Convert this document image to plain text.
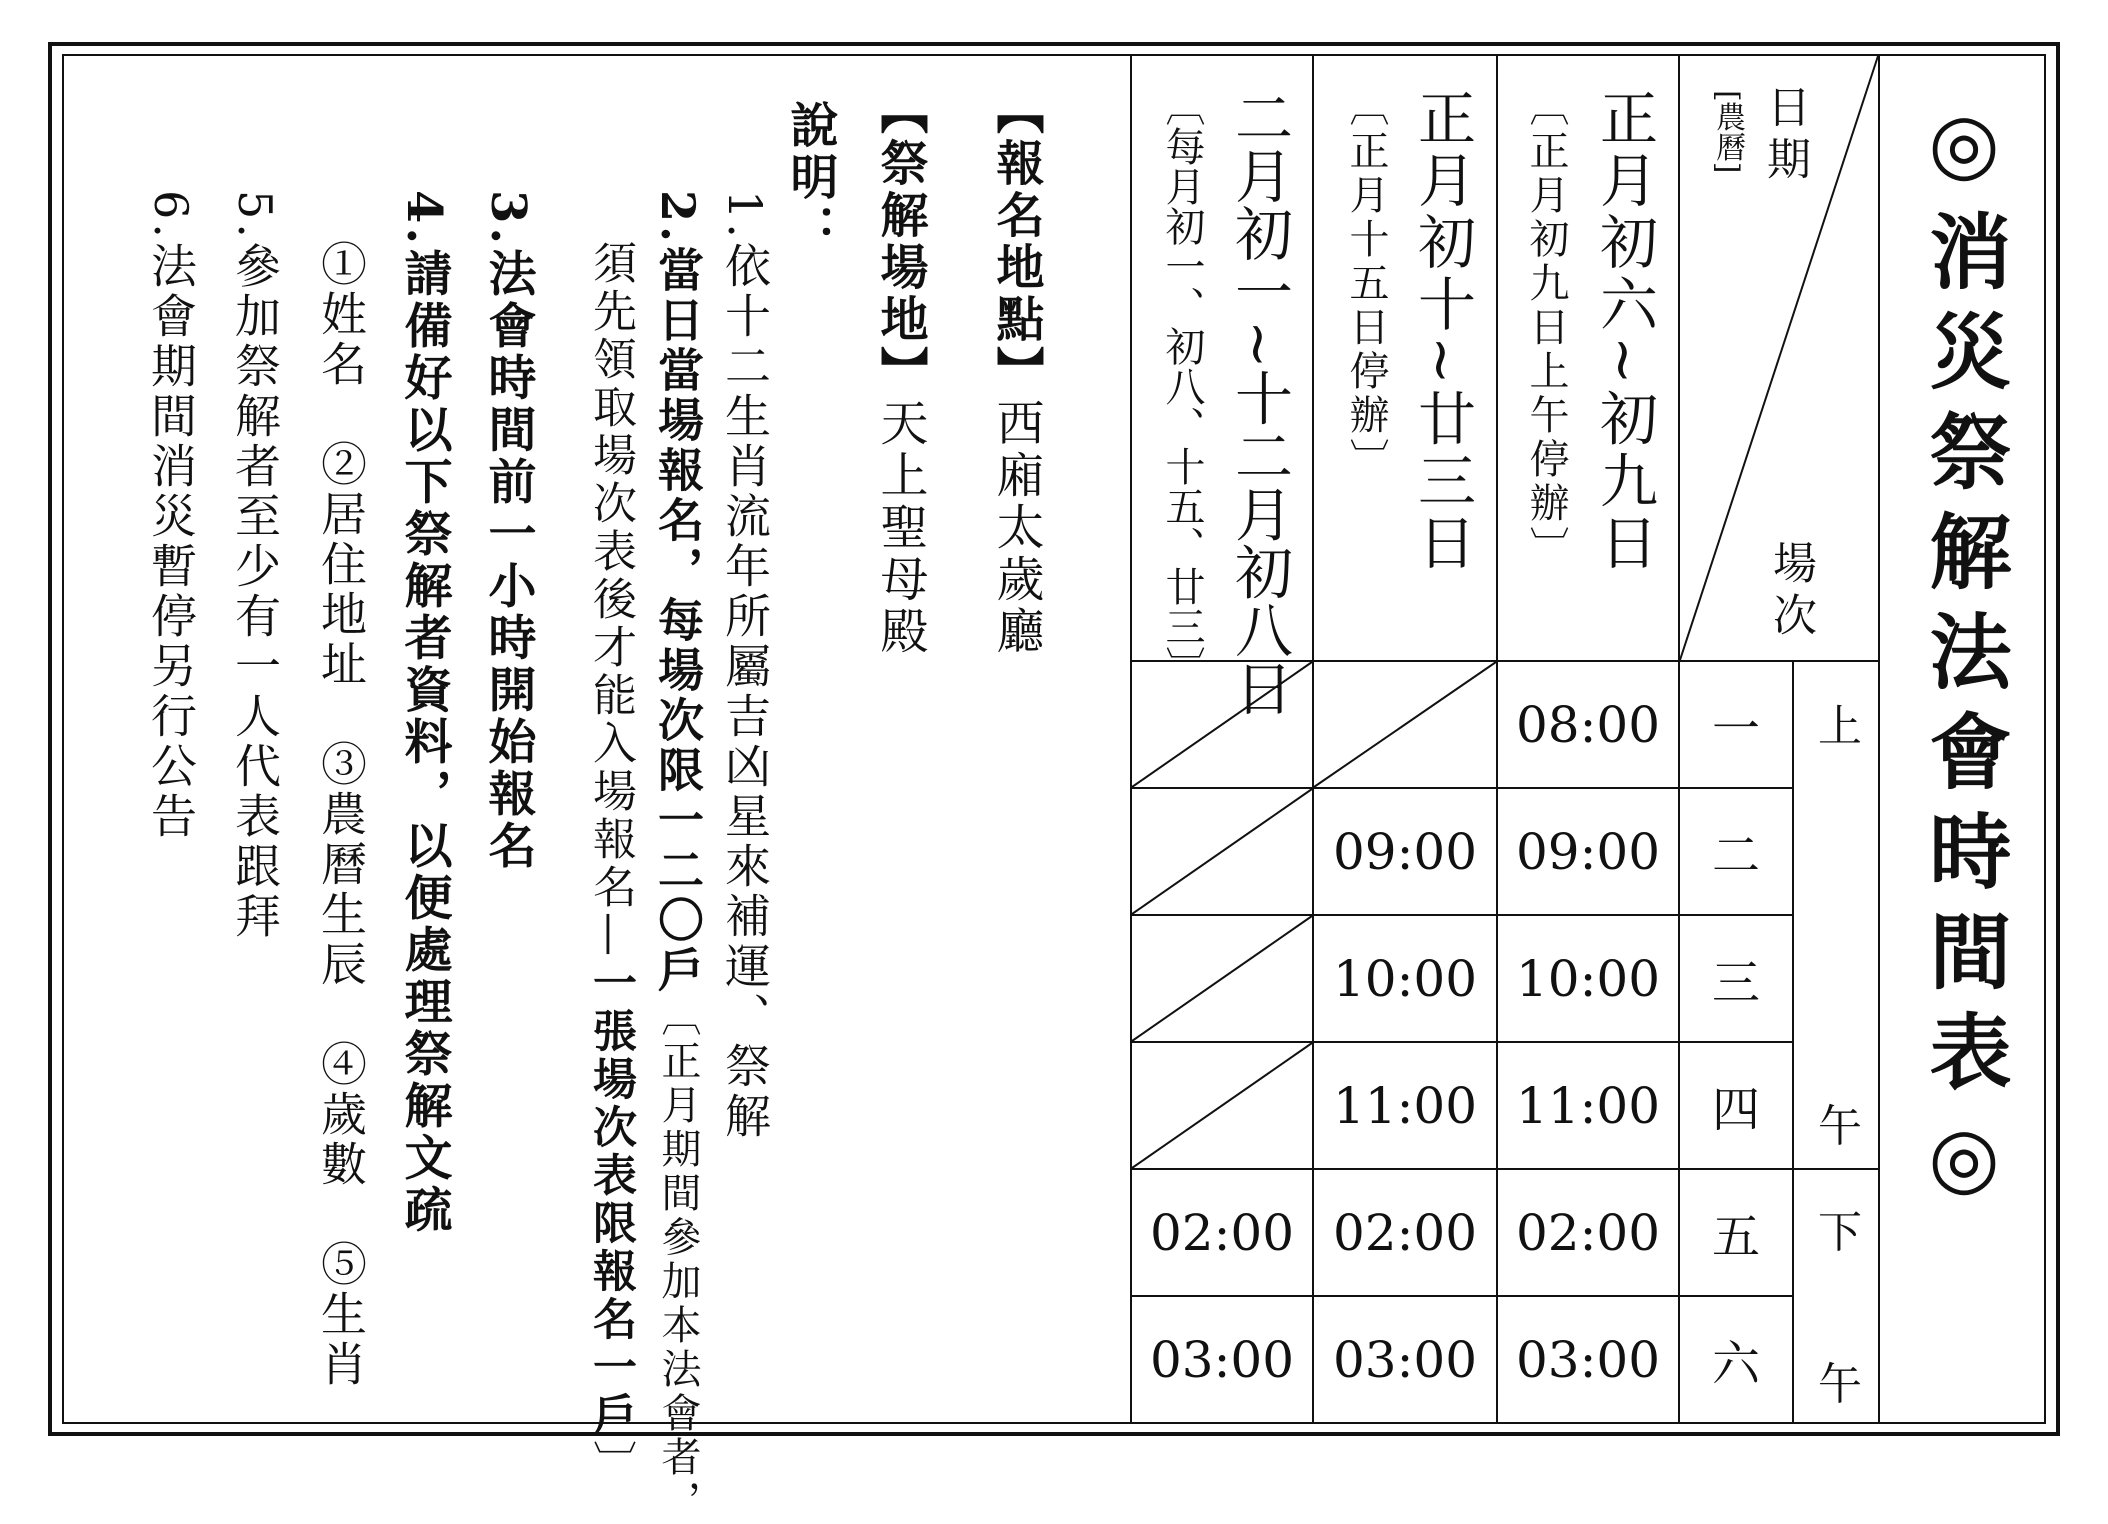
◎消災祭解法會時間表◎
日期
[農曆]
場次
正月初六~初九日
〔正月初九日上午停辦〕
正月初十~廿三日
〔正月十五日停辦〕
二月初一~十二月初八日
〔每月初一、初八、十五、廿三〕
上
午
下
午
一
08:00
二
09:00
09:00
三
10:00
10:00
四
11:00
11:00
五
02:00
02:00
02:00
六
03:00
03:00
03:00
【報名地點】西廂太歲廳
【祭解場地】天上聖母殿
說明：
1.依十二生肖流年所屬吉凶星來補運、祭解
2.當日當場報名，每場次限一二〇戶〔正月期間參加本法會者，
須先領取場次表後才能入場報名—一張場次表限報名一戶〕
3.法會時間前一小時開始報名
4.請備好以下祭解者資料，以便處理祭解文疏
①姓名　②居住地址　③農曆生辰　④歲數　⑤生肖
5.參加祭解者至少有一人代表跟拜
6.法會期間消災暫停另行公告
